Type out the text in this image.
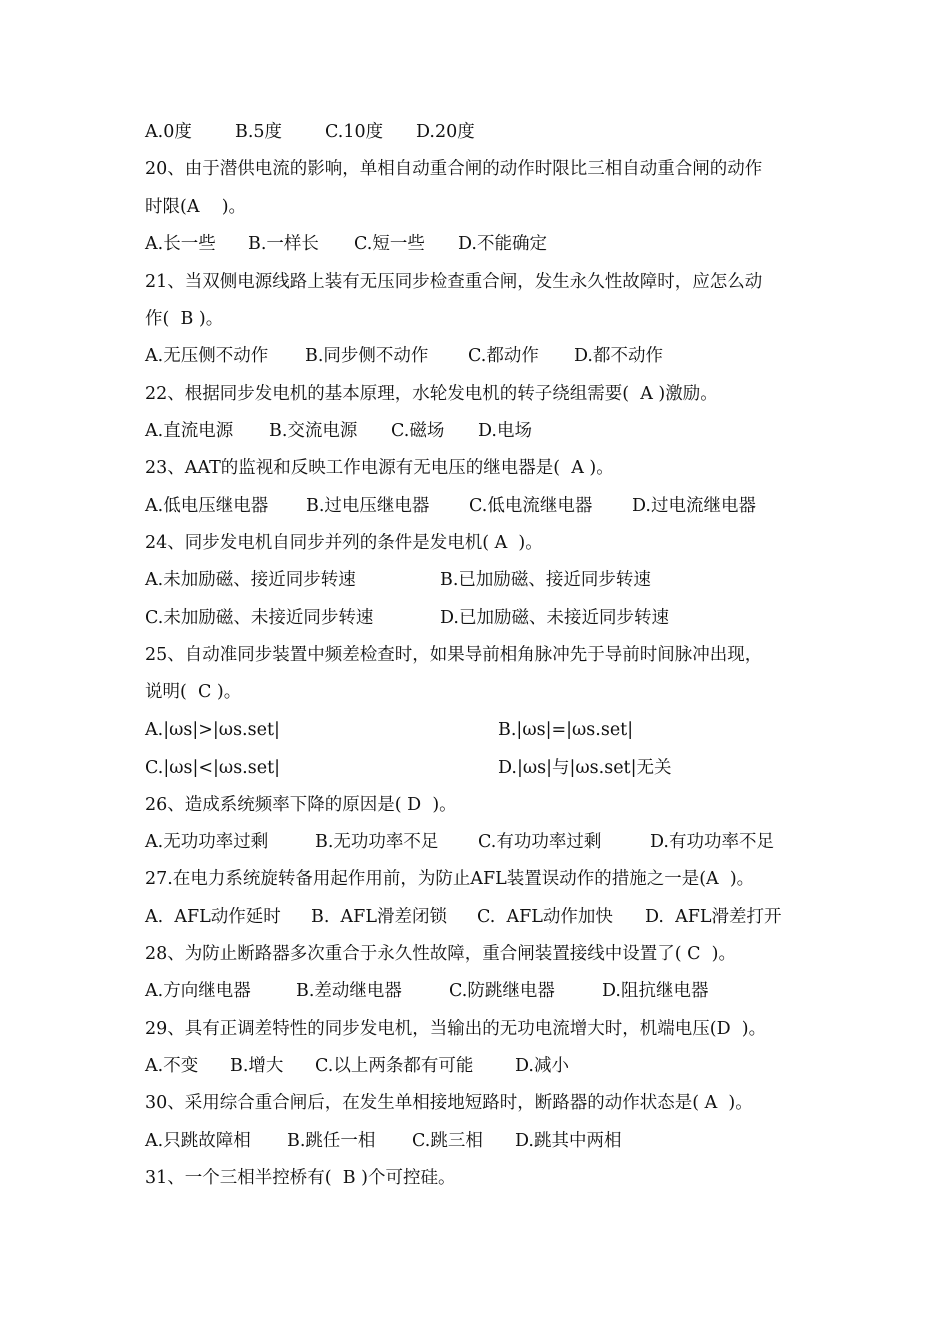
A.0度

B.5度

C.10度

D.20度

20、由于潜供电流的影响，单相自动重合闸的动作时限比三相自动重合闸的动作
时限(A    )。

A.长一些

B.一样长

C.短一些

D.不能确定

21、当双侧电源线路上装有无压同步检查重合闸，发生永久性故障时，应怎么动
作(  B )。

A.无压侧不动作

B.同步侧不动作

C.都动作

D.都不动作

22、根据同步发电机的基本原理，水轮发电机的转子绕组需要(  A )激励。

A.直流电源

B.交流电源

C.磁场

D.电场

23、AAT的监视和反映工作电源有无电压的继电器是(  A )。

A.低电压继电器

B.过电压继电器

C.低电流继电器

D.过电流继电器

24、同步发电机自同步并列的条件是发电机( A  )。

A.未加励磁、接近同步转速

	B.已加励磁、接近同步转速

C.未加励磁、未接近同步转速

	D.已加励磁、未接近同步转速

25、自动准同步装置中频差检查时，如果导前相角脉冲先于导前时间脉冲出现，
说明(  C )。

A.|ωs|>|ωs.set|

	B.|ωs|=|ωs.set|

C.|ωs|<|ωs.set|

	D.|ωs|与|ωs.set|无关

26、造成系统频率下降的原因是( D  )。

A.无功功率过剩

	B.无功功率不足

C.有功功率过剩

	D.有功功率不足

27.在电力系统旋转备用起作用前，为防止AFL装置误动作的措施之一是(A  )。

A.  AFL动作延时

B.  AFL滑差闭锁

C.  AFL动作加快

D.  AFL滑差打开

28、为防止断路器多次重合于永久性故障，重合闸装置接线中设置了( C  )。

A.方向继电器

	B.差动继电器

	C.防跳继电器

	D.阻抗继电器

29、具有正调差特性的同步发电机，当输出的无功电流增大时，机端电压(D  )。

A.不变

B.增大

C.以上两条都有可能

D.减小

30、采用综合重合闸后，在发生单相接地短路时，断路器的动作状态是( A  )。

A.只跳故障相

B.跳任一相

C.跳三相

D.跳其中两相

31、一个三相半控桥有(  B )个可控硅。
